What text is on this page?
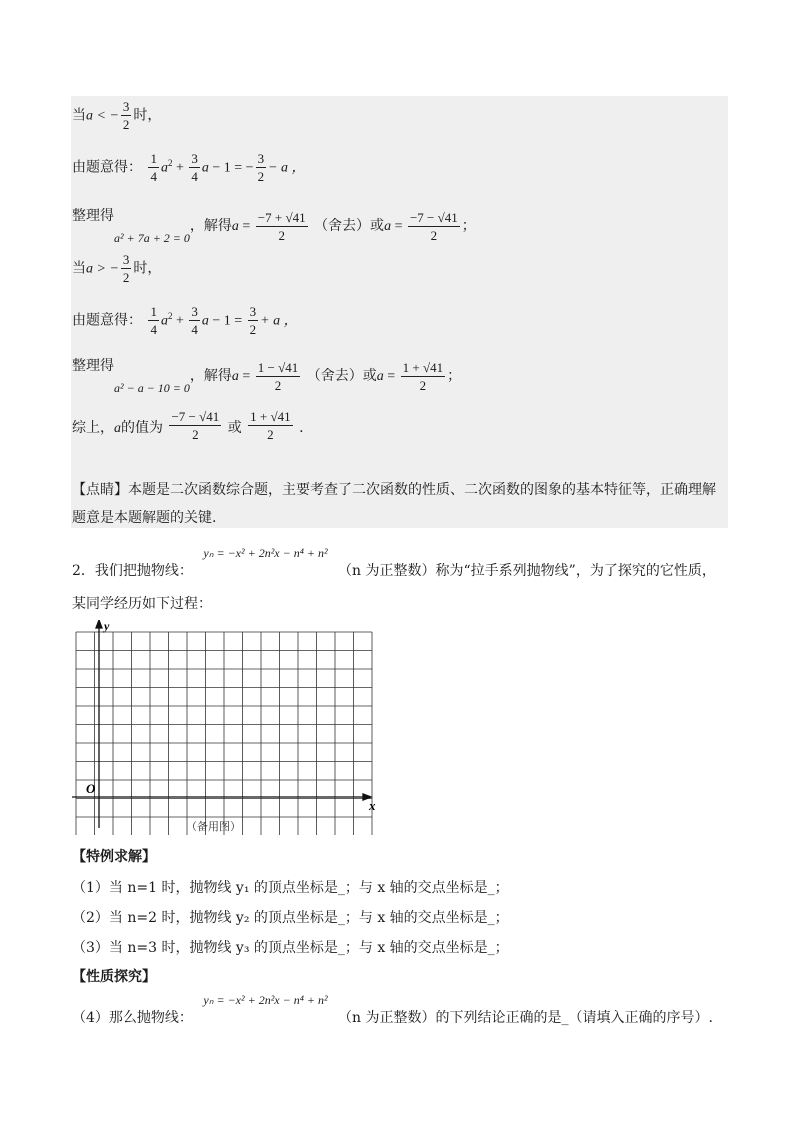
当a < − $\frac{3}{2}$ 时，
由题意得： $\frac{1}{4} a^2 + \frac{3}{4}$ a − 1 = − $\frac{3}{2} - a$ ，
整理得a² + 7a + 2 = 0，解得$a = \frac{-7 + √41}{2}$ （舍去）或$a = \frac{-7 - √41}{2}$ ；
当a > − $\frac{3}{2}$ 时，
由题意得： $\frac{1}{4} a^2 + \frac{3}{4}$ $a - 1 = \frac{3}{2} + a$ ，
整理得a² − a − 10 = 0，解得$a = \frac{1 - √41}{2}$ （舍去）或$a = \frac{1 + √41}{2}$ ；
综上，a的值为 $\frac{-7 - √41}{2}$ 或 $\frac{1 + √41}{2}$ .
【点睛】本题是二次函数综合题，主要考查了二次函数的性质、二次函数的图象的基本特征等，正确理解
题意是本题解题的关键.
2．我们把抛物线： yₙ = −x² + 2n²x − n⁴ + n² （n 为正整数）称为“拉手系列抛物线”，为了探究的它性质，
某同学经历如下过程：
y
x
O
（备用图）
【特例求解】
（1）当 n=1 时，抛物线 y₁ 的顶点坐标是_；与 x 轴的交点坐标是_；
（2）当 n=2 时，抛物线 y₂ 的顶点坐标是_；与 x 轴的交点坐标是_；
（3）当 n=3 时，抛物线 y₃ 的顶点坐标是_；与 x 轴的交点坐标是_；
【性质探究】
（4）那么抛物线： yₙ = −x² + 2n²x − n⁴ + n² （n 为正整数）的下列结论正确的是_（请填入正确的序号）.
